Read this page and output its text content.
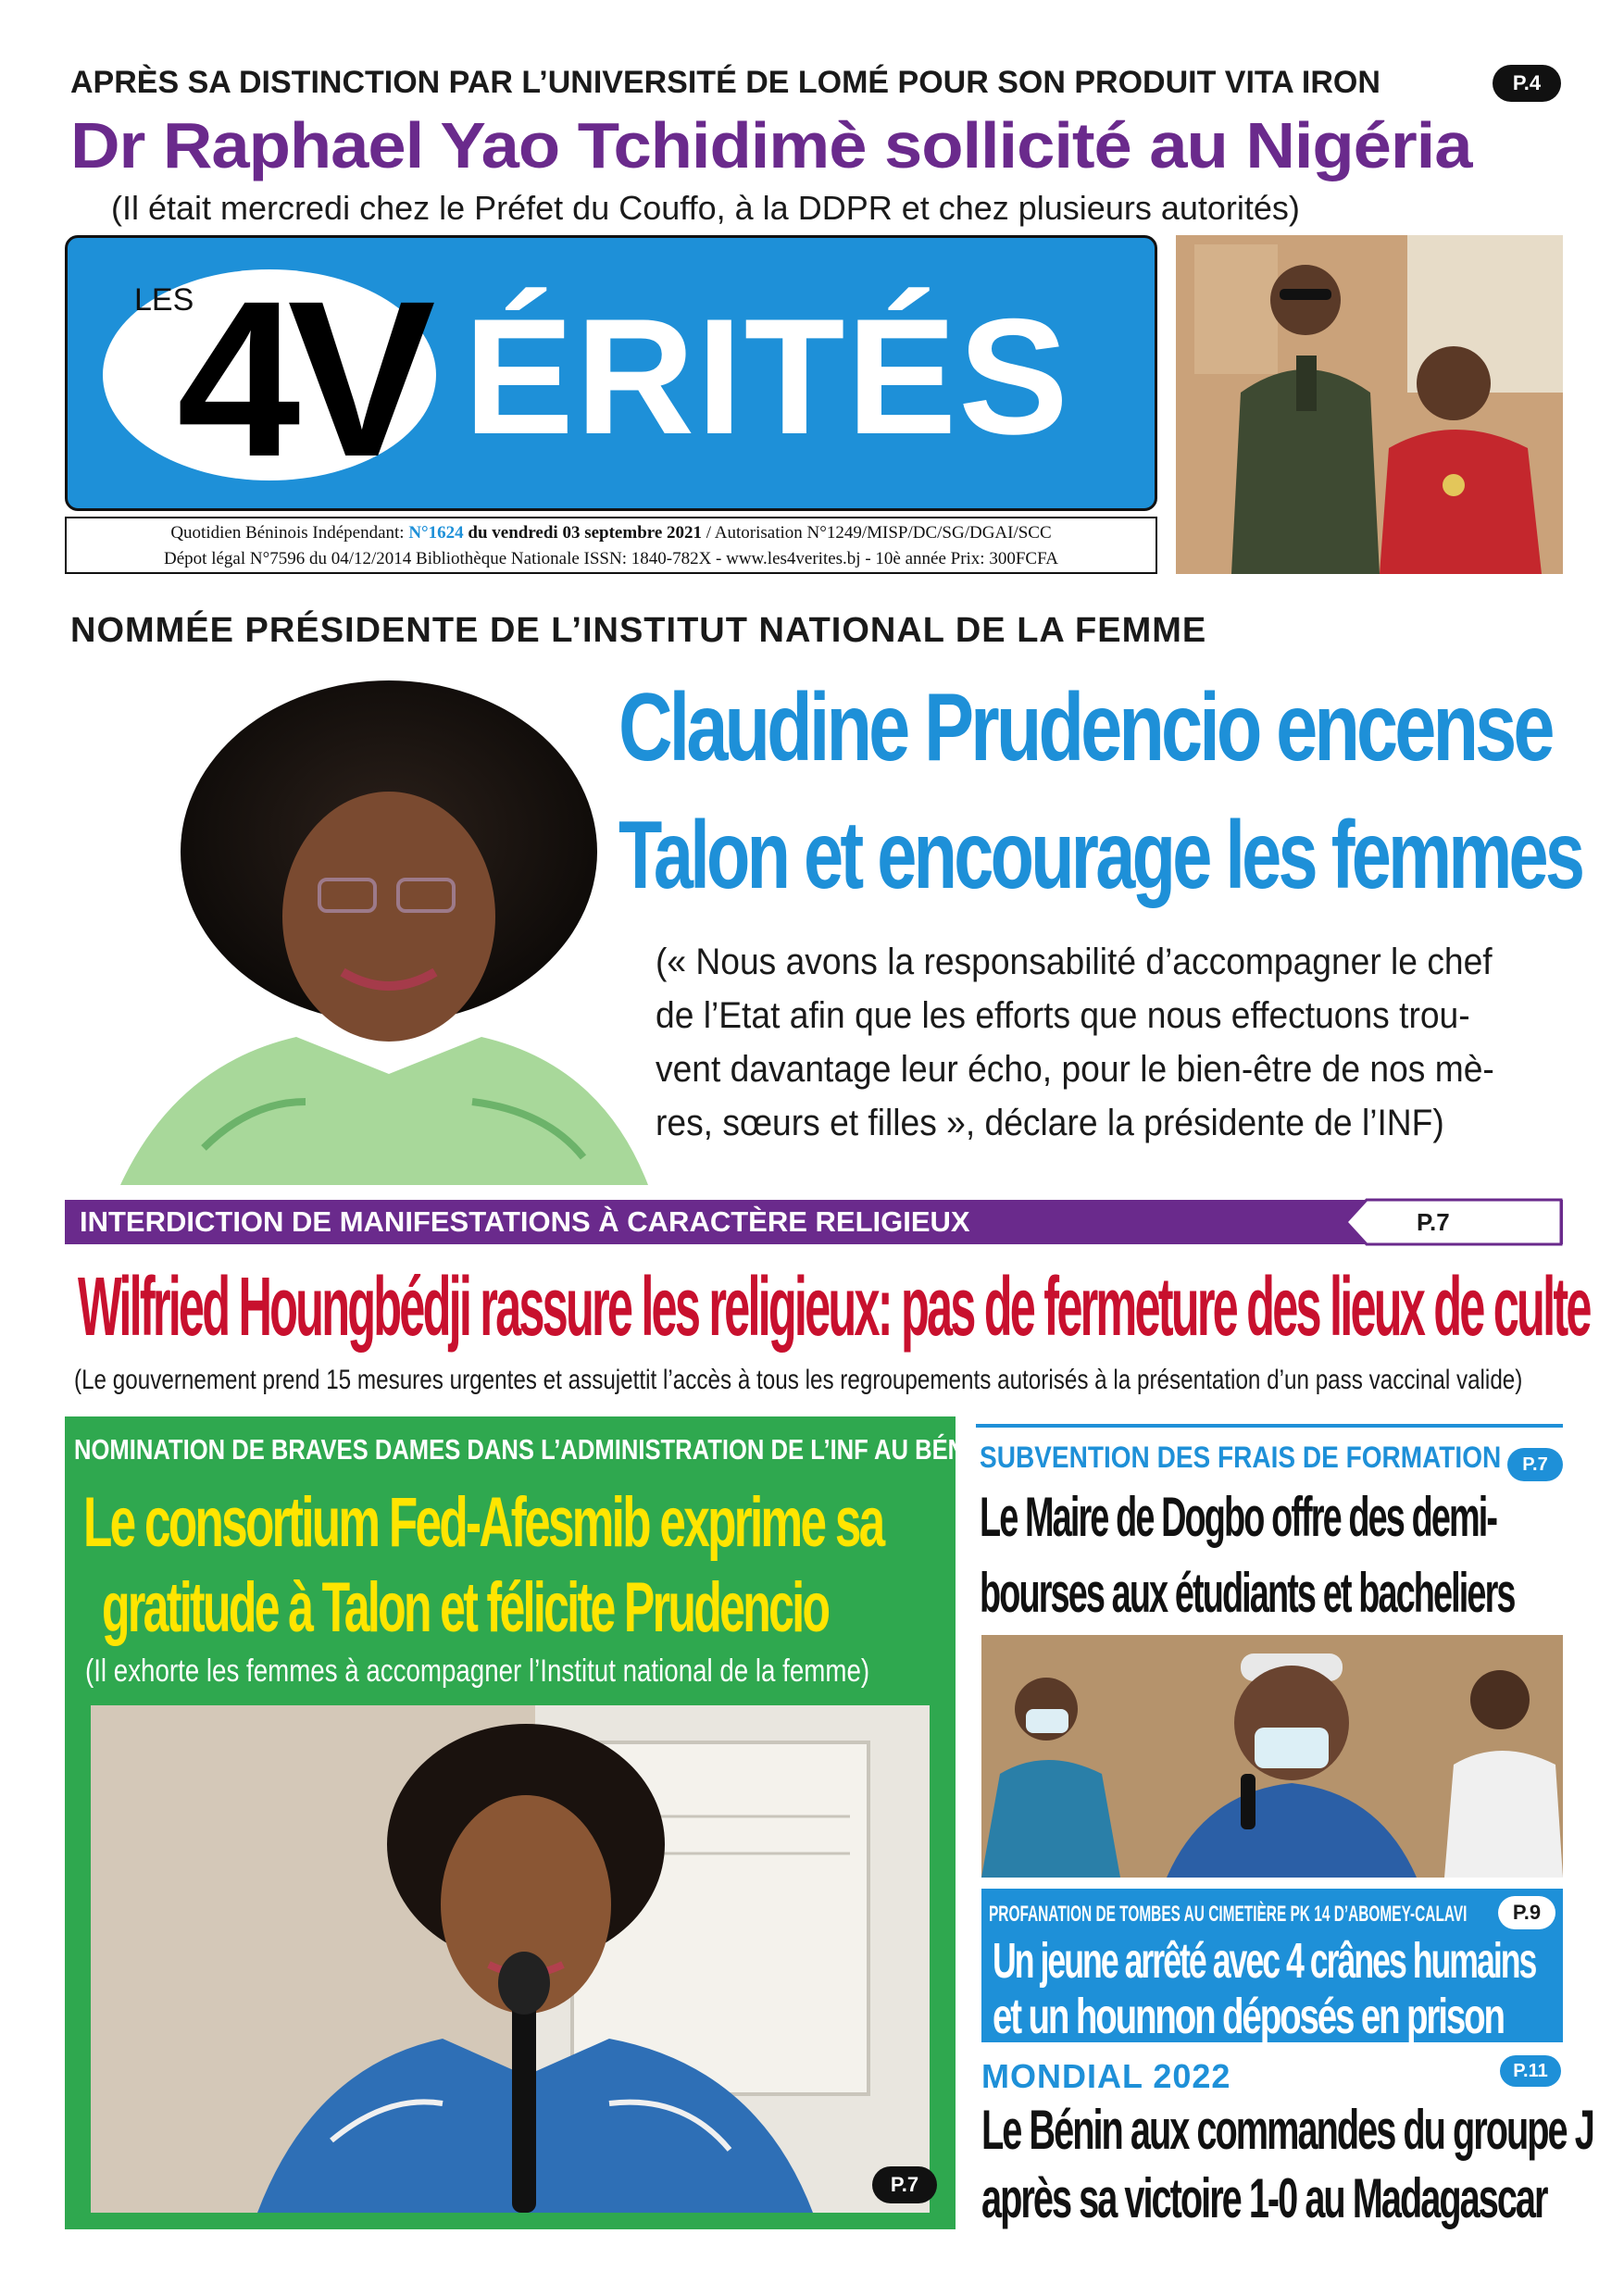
APRÈS SA DISTINCTION PAR L’UNIVERSITÉ DE LOMÉ POUR SON PRODUIT VITA IRON	P.4
Dr Raphael Yao Tchidimè sollicité au Nigéria
(Il était mercredi chez le Préfet du Couffo, à la DDPR et chez plusieurs autorités)
LES
4V ÉRITÉS
Quotidien Béninois Indépendant: N°1624 du vendredi 03 septembre 2021 / Autorisation N°1249/MISP/DC/SG/DGAI/SCC
Dépot légal N°7596 du 04/12/2014 Bibliothèque Nationale ISSN: 1840-782X - www.les4verites.bj - 10è année Prix: 300FCFA
NOMMÉE PRÉSIDENTE DE L’INSTITUT NATIONAL DE LA FEMME
Claudine Prudencio encense
Talon et encourage les femmes
(« Nous avons la responsabilité d’accompagner le chef
de l’Etat afin que les efforts que nous effectuons trou-
vent davantage leur écho, pour le bien-être de nos mè-
res, sœurs et filles », déclare la présidente de l’INF)
INTERDICTION DE MANIFESTATIONS À CARACTÈRE RELIGIEUX	P.7
Wilfried Houngbédji rassure les religieux: pas de fermeture des lieux de culte
(Le gouvernement prend 15 mesures urgentes et assujettit l’accès à tous les regroupements autorisés à la présentation d’un pass vaccinal valide)
NOMINATION DE BRAVES DAMES DANS L’ADMINISTRATION DE L’INF AU BÉNIN
Le consortium Fed-Afesmib exprime sa
gratitude à Talon et félicite Prudencio
(Il exhorte les femmes à accompagner l’Institut national de la femme)
P.7
SUBVENTION DES FRAIS DE FORMATION	P.7
Le Maire de Dogbo offre des demi-
bourses aux étudiants et bacheliers
PROFANATION DE TOMBES AU CIMETIÈRE PK 14 D’ABOMEY-CALAVI	P.9
Un jeune arrêté avec 4 crânes humains
et un hounnon déposés en prison
MONDIAL 2022	P.11
Le Bénin aux commandes du groupe J
après sa victoire 1-0 au Madagascar
